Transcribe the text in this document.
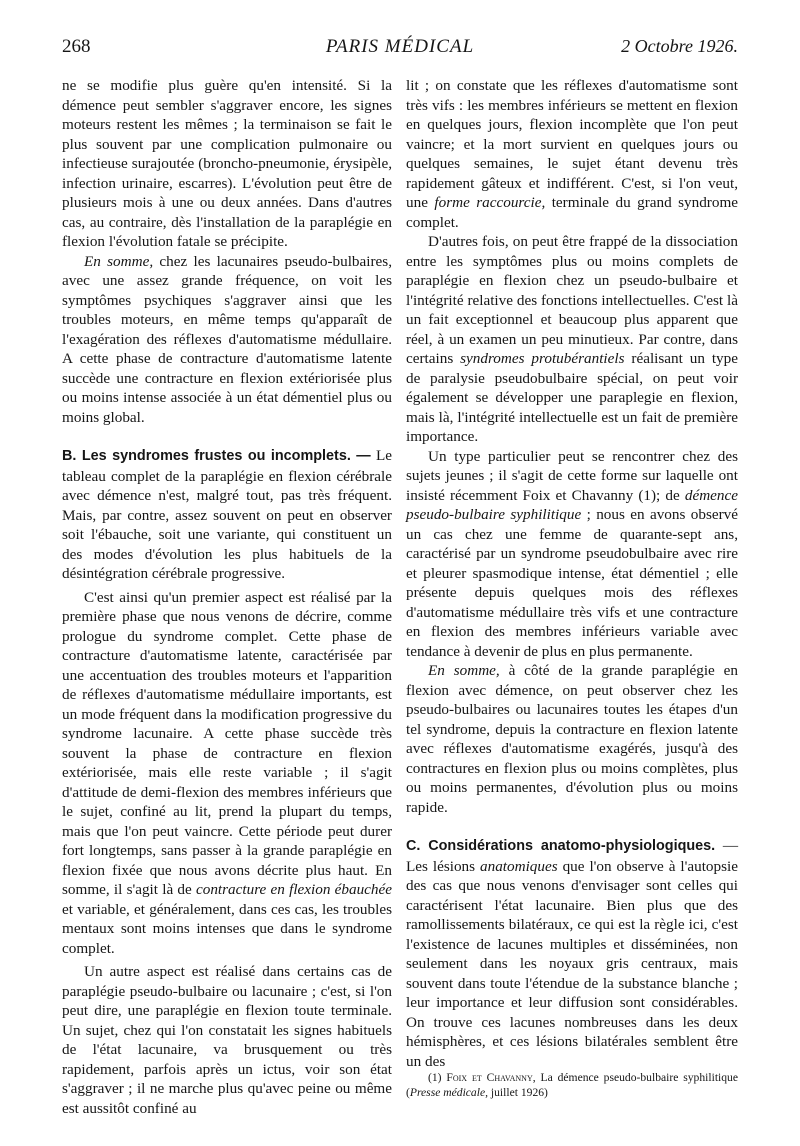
268	PARIS MÉDICAL	2 Octobre 1926.

ne se modifie plus guère qu'en intensité. Si la démence peut sembler s'aggraver encore, les signes moteurs restent les mêmes ; la terminaison se fait le plus souvent par une complication pulmonaire ou infectieuse surajoutée (broncho-pneumonie, érysipèle, infection urinaire, escarres). L'évolution peut être de plusieurs mois à une ou deux années. Dans d'autres cas, au contraire, dès l'installation de la paraplégie en flexion l'évolution fatale se précipite.

En somme, chez les lacunaires pseudo-bulbaires, avec une assez grande fréquence, on voit les symptômes psychiques s'aggraver ainsi que les troubles moteurs, en même temps qu'apparaît de l'exagération des réflexes d'automatisme médullaire. A cette phase de contracture d'automatisme latente succède une contracture en flexion extériorisée plus ou moins intense associée à un état démentiel plus ou moins global.

B. Les syndromes frustes ou incomplets. — Le tableau complet de la paraplégie en flexion cérébrale avec démence n'est, malgré tout, pas très fréquent. Mais, par contre, assez souvent on peut en observer soit l'ébauche, soit une variante, qui constituent un des modes d'évolution les plus habituels de la désintégration cérébrale progressive.

C'est ainsi qu'un premier aspect est réalisé par la première phase que nous venons de décrire, comme prologue du syndrome complet. Cette phase de contracture d'automatisme latente, caractérisée par une accentuation des troubles moteurs et l'apparition de réflexes d'automatisme médullaire importants, est un mode fréquent dans la modification progressive du syndrome lacunaire. A cette phase succède très souvent la phase de contracture en flexion extériorisée, mais elle reste variable ; il s'agit d'attitude de demi-flexion des membres inférieurs que le sujet, confiné au lit, prend la plupart du temps, mais que l'on peut vaincre. Cette période peut durer fort longtemps, sans passer à la grande paraplégie en flexion fixée que nous avons décrite plus haut. En somme, il s'agit là de contracture en flexion ébauchée et variable, et généralement, dans ces cas, les troubles mentaux sont moins intenses que dans le syndrome complet.

Un autre aspect est réalisé dans certains cas de paraplégie pseudo-bulbaire ou lacunaire ; c'est, si l'on peut dire, une paraplégie en flexion toute terminale. Un sujet, chez qui l'on constatait les signes habituels de l'état lacunaire, va brusquement ou très rapidement, parfois après un ictus, voir son état s'aggraver ; il ne marche plus qu'avec peine ou même est aussitôt confiné au

lit ; on constate que les réflexes d'automatisme sont très vifs : les membres inférieurs se mettent en flexion en quelques jours, flexion incomplète que l'on peut vaincre; et la mort survient en quelques jours ou quelques semaines, le sujet étant devenu très rapidement gâteux et indifférent. C'est, si l'on veut, une forme raccourcie, terminale du grand syndrome complet.

D'autres fois, on peut être frappé de la dissociation entre les symptômes plus ou moins complets de paraplégie en flexion chez un pseudo-bulbaire et l'intégrité relative des fonctions intellectuelles. C'est là un fait exceptionnel et beaucoup plus apparent que réel, à un examen un peu minutieux. Par contre, dans certains syndromes protubérantiels réalisant un type de paralysie pseudobulbaire spécial, on peut voir également se développer une paraplegie en flexion, mais là, l'intégrité intellectuelle est un fait de première importance.

Un type particulier peut se rencontrer chez des sujets jeunes ; il s'agit de cette forme sur laquelle ont insisté récemment Foix et Chavanny (1); de démence pseudo-bulbaire syphilitique ; nous en avons observé un cas chez une femme de quarante-sept ans, caractérisé par un syndrome pseudobulbaire avec rire et pleurer spasmodique intense, état démentiel ; elle présente depuis quelques mois des réflexes d'automatisme médullaire très vifs et une contracture en flexion des membres inférieurs variable avec tendance à devenir de plus en plus permanente.

En somme, à côté de la grande paraplégie en flexion avec démence, on peut observer chez les pseudo-bulbaires ou lacunaires toutes les étapes d'un tel syndrome, depuis la contracture en flexion latente avec réflexes d'automatisme exagérés, jusqu'à des contractures en flexion plus ou moins complètes, plus ou moins permanentes, d'évolution plus ou moins rapide.

C. Considérations anatomo-physiologiques. — Les lésions anatomiques que l'on observe à l'autopsie des cas que nous venons d'envisager sont celles qui caractérisent l'état lacunaire. Bien plus que des ramollissements bilatéraux, ce qui est la règle ici, c'est l'existence de lacunes multiples et disséminées, non seulement dans les noyaux gris centraux, mais souvent dans toute l'étendue de la substance blanche ; leur importance et leur diffusion sont considérables. On trouve ces lacunes nombreuses dans les deux hémisphères, et ces lésions bilatérales semblent être un des

(1) Foix et Chavanny, La démence pseudo-bulbaire syphilitique (Presse médicale, juillet 1926)
